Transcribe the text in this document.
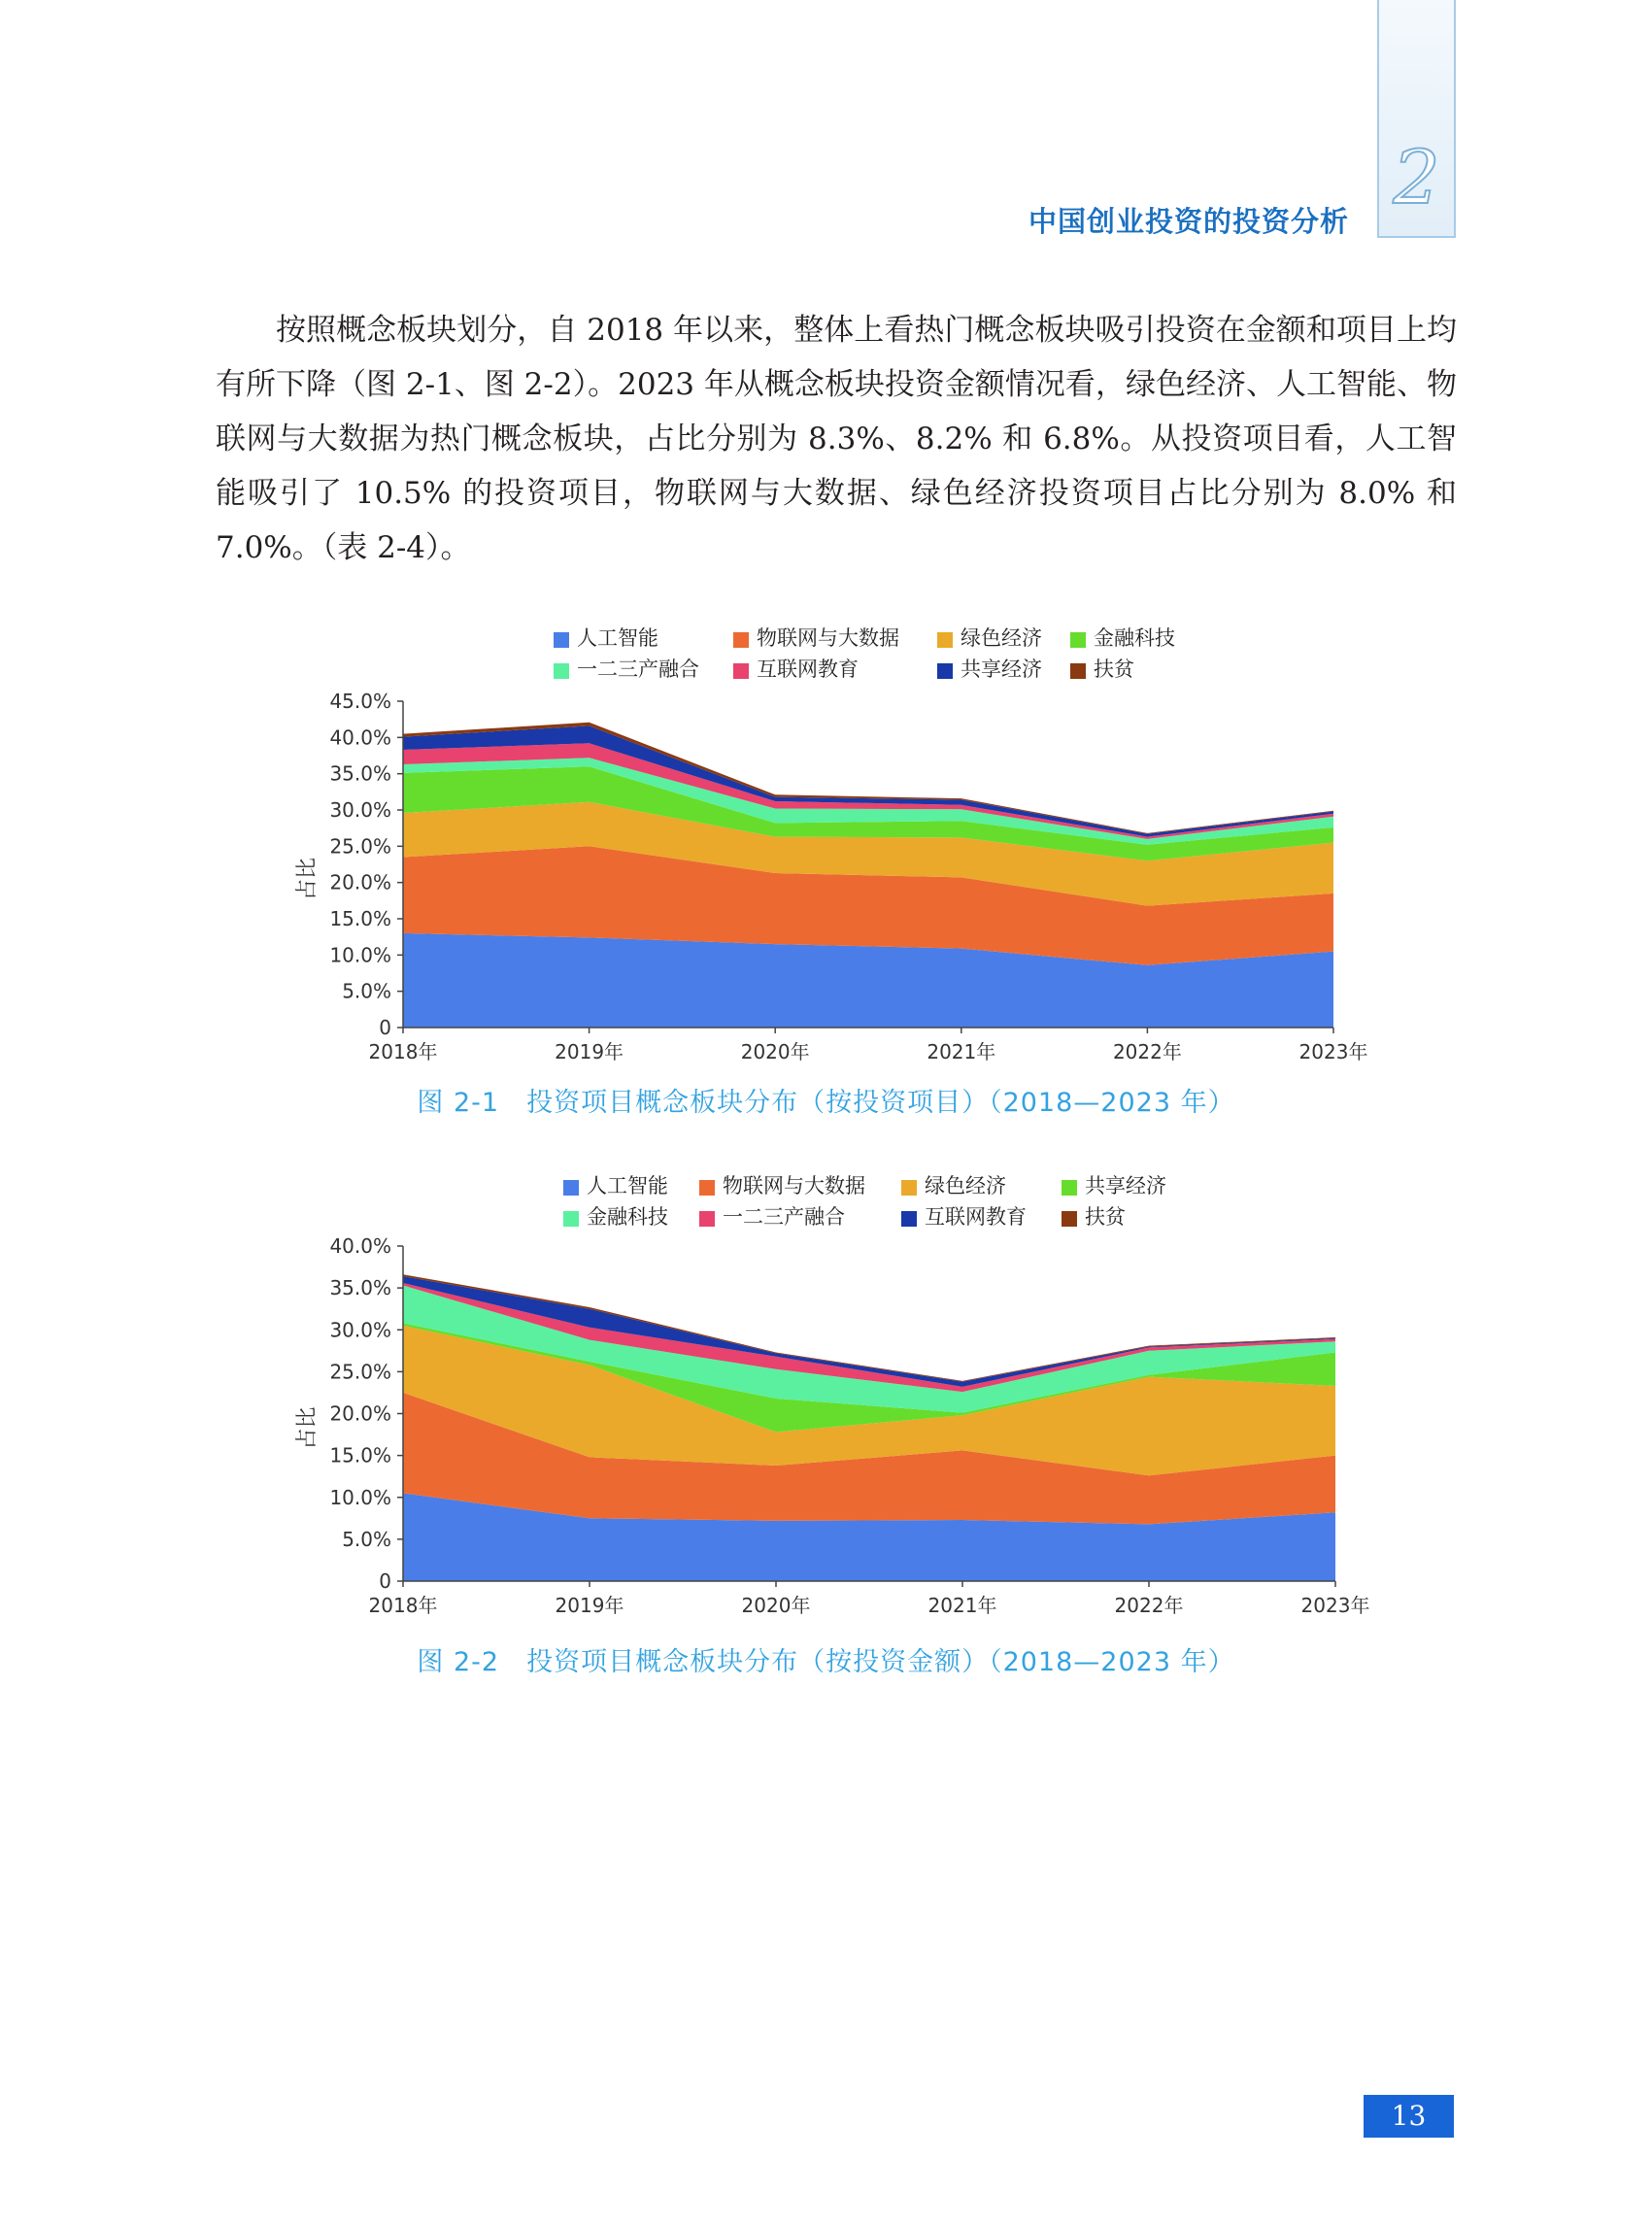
2
中国创业投资的投资分析

按照概念板块划分，自 2018 年以来，整体上看热门概念板块吸引投资在金额和项目上均有所下降（图 2-1、图 2-2）。2023 年从概念板块投资金额情况看，绿色经济、人工智能、物联网与大数据为热门概念板块，占比分别为 8.3%、8.2% 和 6.8%。从投资项目看，人工智能吸引了 10.5% 的投资项目，物联网与大数据、绿色经济投资项目占比分别为 8.0% 和 7.0%。（表 2-4）。

人工智能	物联网与大数据	绿色经济	金融科技
一二三产融合	互联网教育	共享经济	扶贫
0
5.0%
10.0%
15.0%
20.0%
25.0%
30.0%
35.0%
40.0%
45.0%
2018年	2019年	2020年	2021年	2022年	2023年
占比
图 2-1　投资项目概念板块分布（按投资项目）（2018—2023 年）
人工智能	物联网与大数据	绿色经济	共享经济
金融科技	一二三产融合	互联网教育	扶贫
0
5.0%
10.0%
15.0%
20.0%
25.0%
30.0%
35.0%
40.0%
2018年	2019年	2020年	2021年	2022年	2023年
占比
图 2-2　投资项目概念板块分布（按投资金额）（2018—2023 年）
13
